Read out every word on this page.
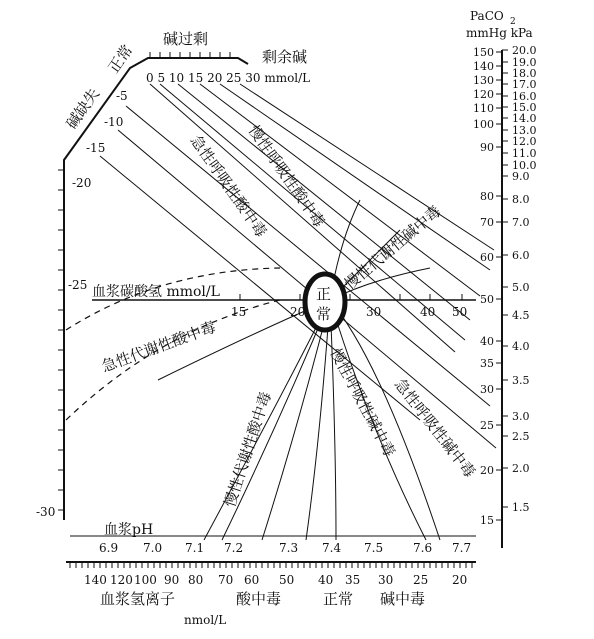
PaCO 2
mmHg kPa
150
140
130
120
110
100
90
80
70
60
50
40
35
30
25
20
15
20.0
19.0
18.0
17.0
16.0
15.0
14.0
13.0
12.0
11.0
10.0
9.0
8.0
7.0
6.0
5.0
4.5
4.0
3.5
3.0
2.5
2.0
1.5
碱缺失
正常
碱过剩
剩余碱
0 5 10 15 20 25 30 mmol/L
-5
-10
-15
-20
-25
-30
血浆碳酸氢 mmol/L
15	20	30	40 50
正
常
急性呼吸性酸中毒
慢性呼吸性酸中毒
慢性代谢性碱中毒
急性代谢性酸中毒
慢性代谢性酸中毒	慢性呼吸性碱中毒
急性呼吸性碱中毒
血浆pH
6.9 7.0 7.1 7.2	7.3 7.4 7.5 7.6 7.7
140 120 100 90 80 70 60 50 40 35 30 25 20
血浆氢离子
nmol/L
酸中毒	正常 碱中毒
